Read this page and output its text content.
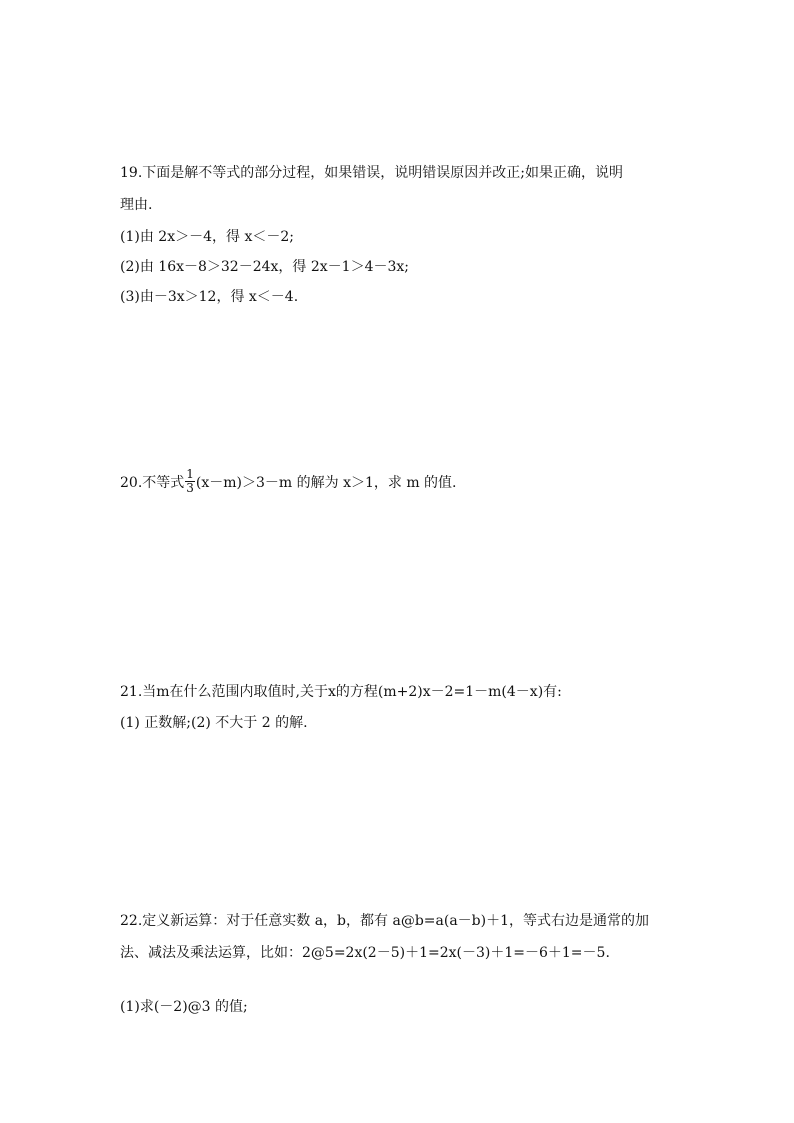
19.下面是解不等式的部分过程，如果错误，说明错误原因并改正;如果正确，说明
理由.
(1)由 2x＞－4，得 x＜－2;
(2)由 16x－8＞32－24x，得 2x－1＞4－3x;
(3)由－3x＞12，得 x＜－4.
20.不等式 $\frac{1}{3} (x-m)>3-m$ 的解为 x＞1，求 m 的值.
21.当m在什么范围内取值时,关于x的方程(m+2)x－2=1－m(4－x)有:
(1) 正数解;(2) 不大于 2 的解.
22.定义新运算：对于任意实数 a，b，都有 a@b=a(a－b)＋1，等式右边是通常的加
法、减法及乘法运算，比如：2@5=2x(2－5)＋1=2x(－3)＋1=－6＋1=－5.
(1)求(－2)@3 的值;
